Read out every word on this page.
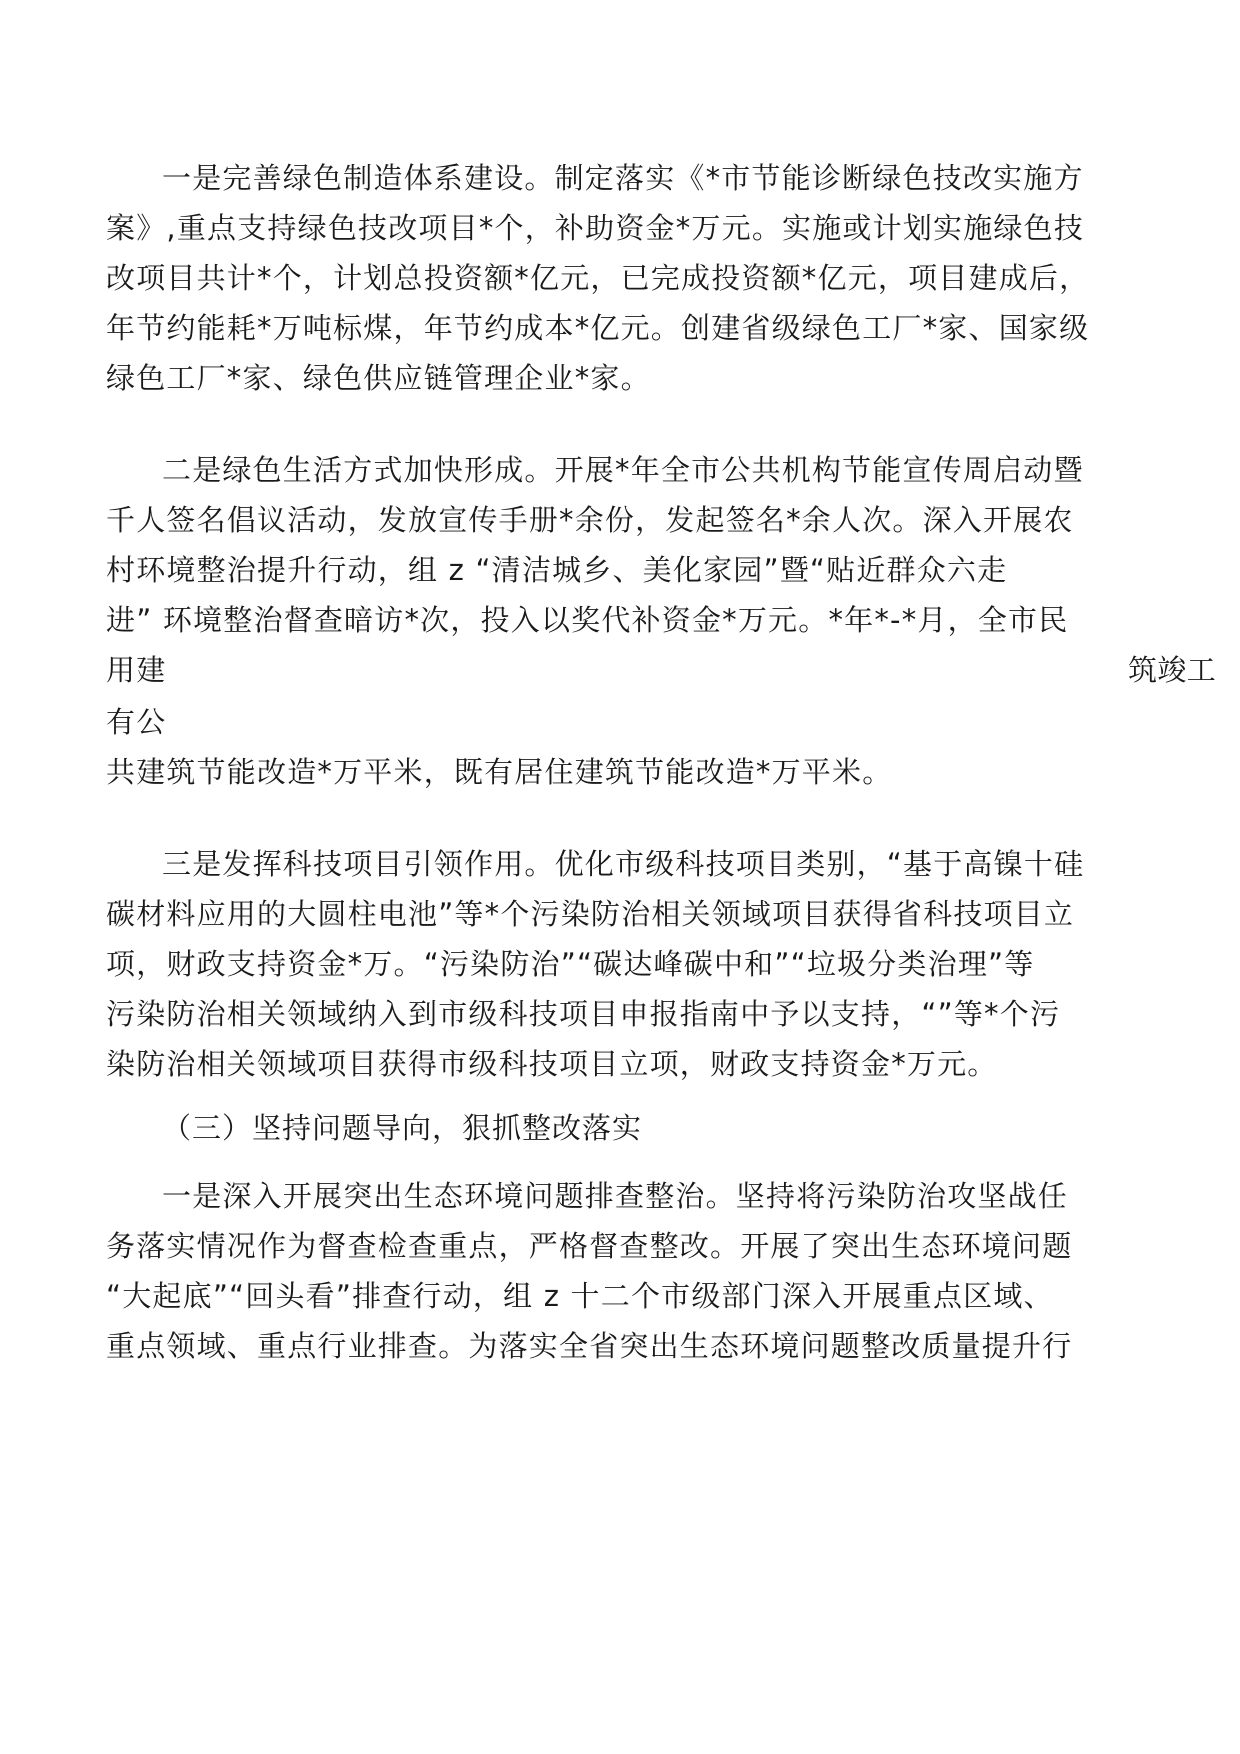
一是完善绿色制造体系建设。制定落实《*市节能诊断绿色技改实施方
案》,重点支持绿色技改项目*个，补助资金*万元。实施或计划实施绿色技
改项目共计*个，计划总投资额*亿元，已完成投资额*亿元，项目建成后，
年节约能耗*万吨标煤，年节约成本*亿元。创建省级绿色工厂*家、国家级
绿色工厂*家、绿色供应链管理企业*家。
二是绿色生活方式加快形成。开展*年全市公共机构节能宣传周启动暨
千人签名倡议活动，发放宣传手册*余份，发起签名*余人次。深入开展农
村环境整治提升行动，组 z “清洁城乡、美化家园”暨“贴近群众六走
进” 环境整治督查暗访*次，投入以奖代补资金*万元。*年*-*月，全市民
用建	筑竣工
有公
共建筑节能改造*万平米，既有居住建筑节能改造*万平米。
三是发挥科技项目引领作用。优化市级科技项目类别，“基于高镍十硅
碳材料应用的大圆柱电池”等*个污染防治相关领域项目获得省科技项目立
项，财政支持资金*万。“污染防治”“碳达峰碳中和”“垃圾分类治理”等
污染防治相关领域纳入到市级科技项目申报指南中予以支持，“”等*个污
染防治相关领域项目获得市级科技项目立项，财政支持资金*万元。
（三）坚持问题导向，狠抓整改落实
一是深入开展突出生态环境问题排查整治。坚持将污染防治攻坚战任
务落实情况作为督查检查重点，严格督查整改。开展了突出生态环境问题
“大起底”“回头看”排查行动，组 z 十二个市级部门深入开展重点区域、
重点领域、重点行业排查。为落实全省突出生态环境问题整改质量提升行
